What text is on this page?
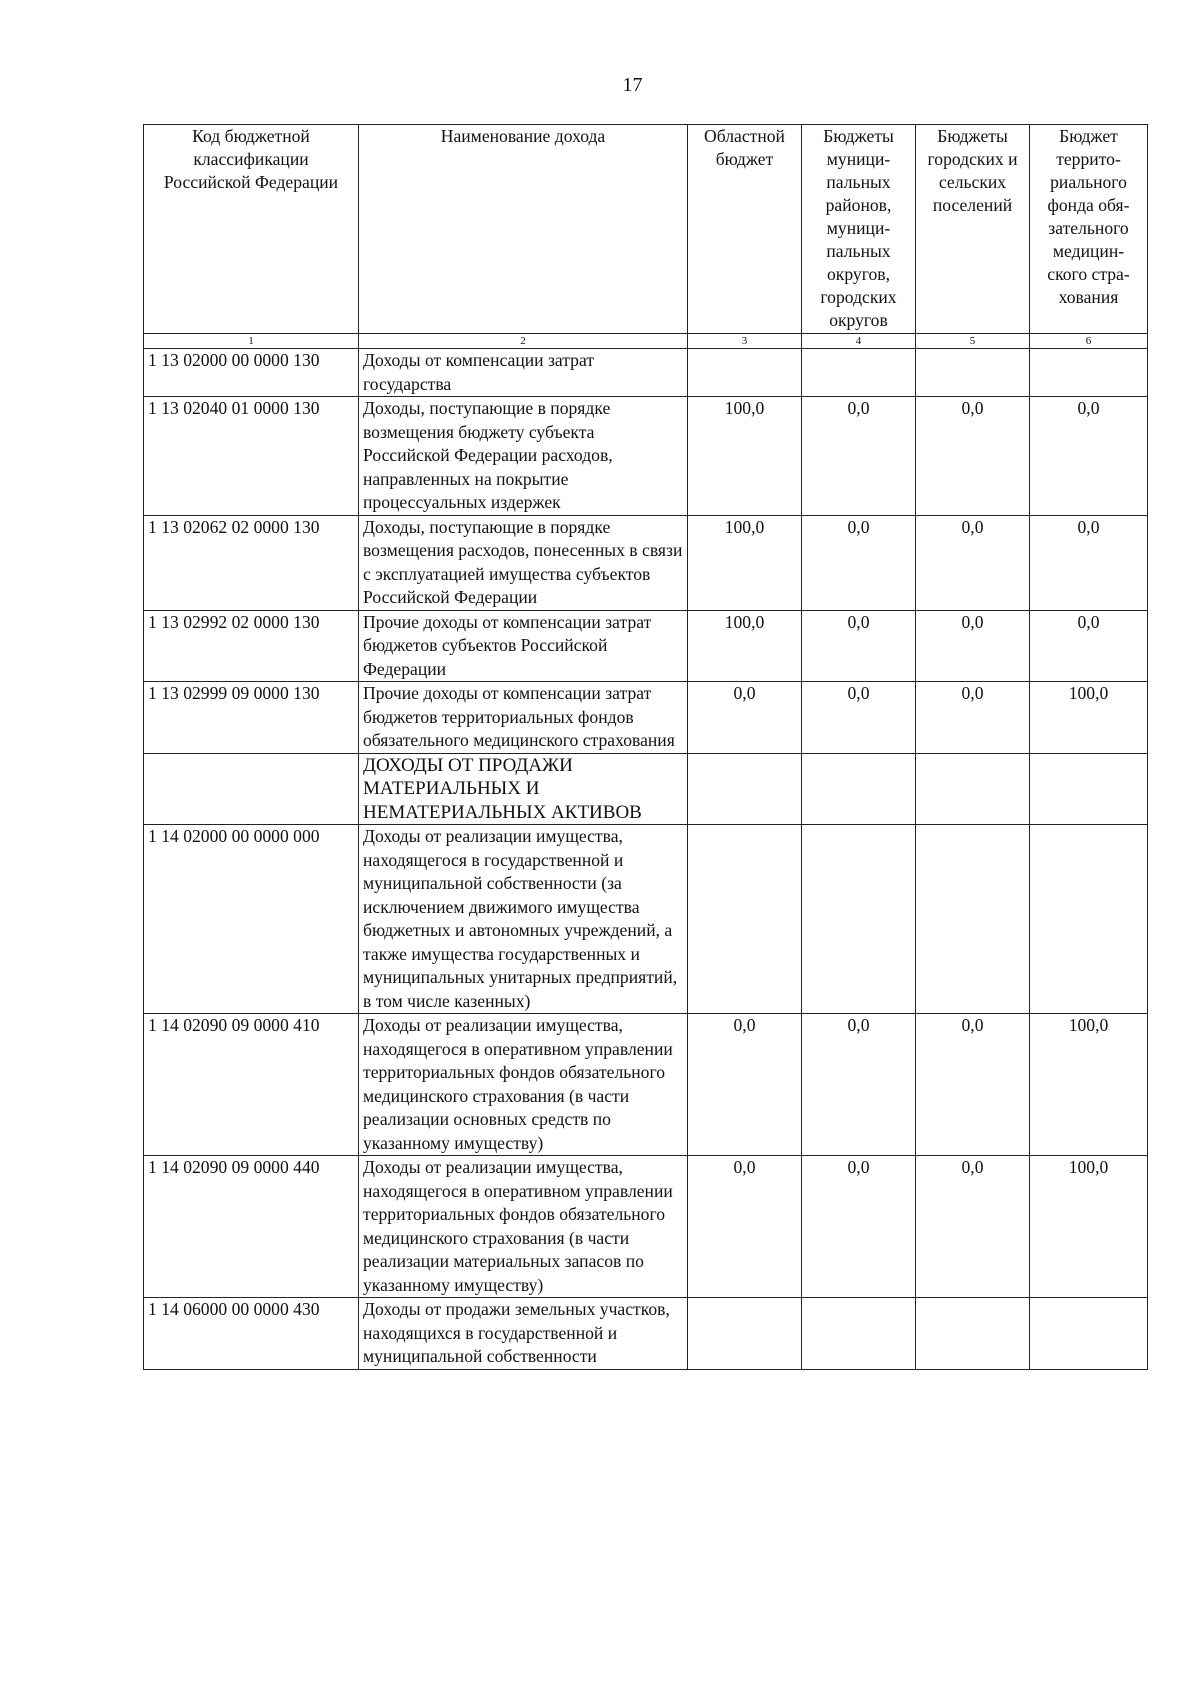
17
Код бюджетной классификации Российской Федерации	Наименование дохода	Областной бюджет	Бюджеты муници-пальных районов, муници-пальных округов, городских округов	Бюджеты городских и сельских поселений	Бюджет террито-риального фонда обя-зательного медицин-ского стра-хования
1	2	3	4	5	6
1 13 02000 00 0000 130	Доходы от компенсации затрат государства				
1 13 02040 01 0000 130	Доходы, поступающие в порядке возмещения бюджету субъекта Российской Федерации расходов, направленных на покрытие процессуальных издержек	100,0	0,0	0,0	0,0
1 13 02062 02 0000 130	Доходы, поступающие в порядке возмещения расходов, понесенных в связи с эксплуатацией имущества субъектов Российской Федерации	100,0	0,0	0,0	0,0
1 13 02992 02 0000 130	Прочие доходы от компенсации затрат бюджетов субъектов Российской Федерации	100,0	0,0	0,0	0,0
1 13 02999 09 0000 130	Прочие доходы от компенсации затрат бюджетов территориальных фондов обязательного медицинского страхования	0,0	0,0	0,0	100,0
	ДОХОДЫ ОТ ПРОДАЖИ МАТЕРИАЛЬНЫХ И НЕМАТЕРИАЛЬНЫХ АКТИВОВ				
1 14 02000 00 0000 000	Доходы от реализации имущества, находящегося в государственной и муниципальной собственности (за исключением движимого имущества бюджетных и автономных учреждений, а также имущества государственных и муниципальных унитарных предприятий, в том числе казенных)				
1 14 02090 09 0000 410	Доходы от реализации имущества, находящегося в оперативном управлении территориальных фондов обязательного медицинского страхования (в части реализации основных средств по указанному имуществу)	0,0	0,0	0,0	100,0
1 14 02090 09 0000 440	Доходы от реализации имущества, находящегося в оперативном управлении территориальных фондов обязательного медицинского страхования (в части реализации материальных запасов по указанному имуществу)	0,0	0,0	0,0	100,0
1 14 06000 00 0000 430	Доходы от продажи земельных участков, находящихся в государственной и муниципальной собственности				
